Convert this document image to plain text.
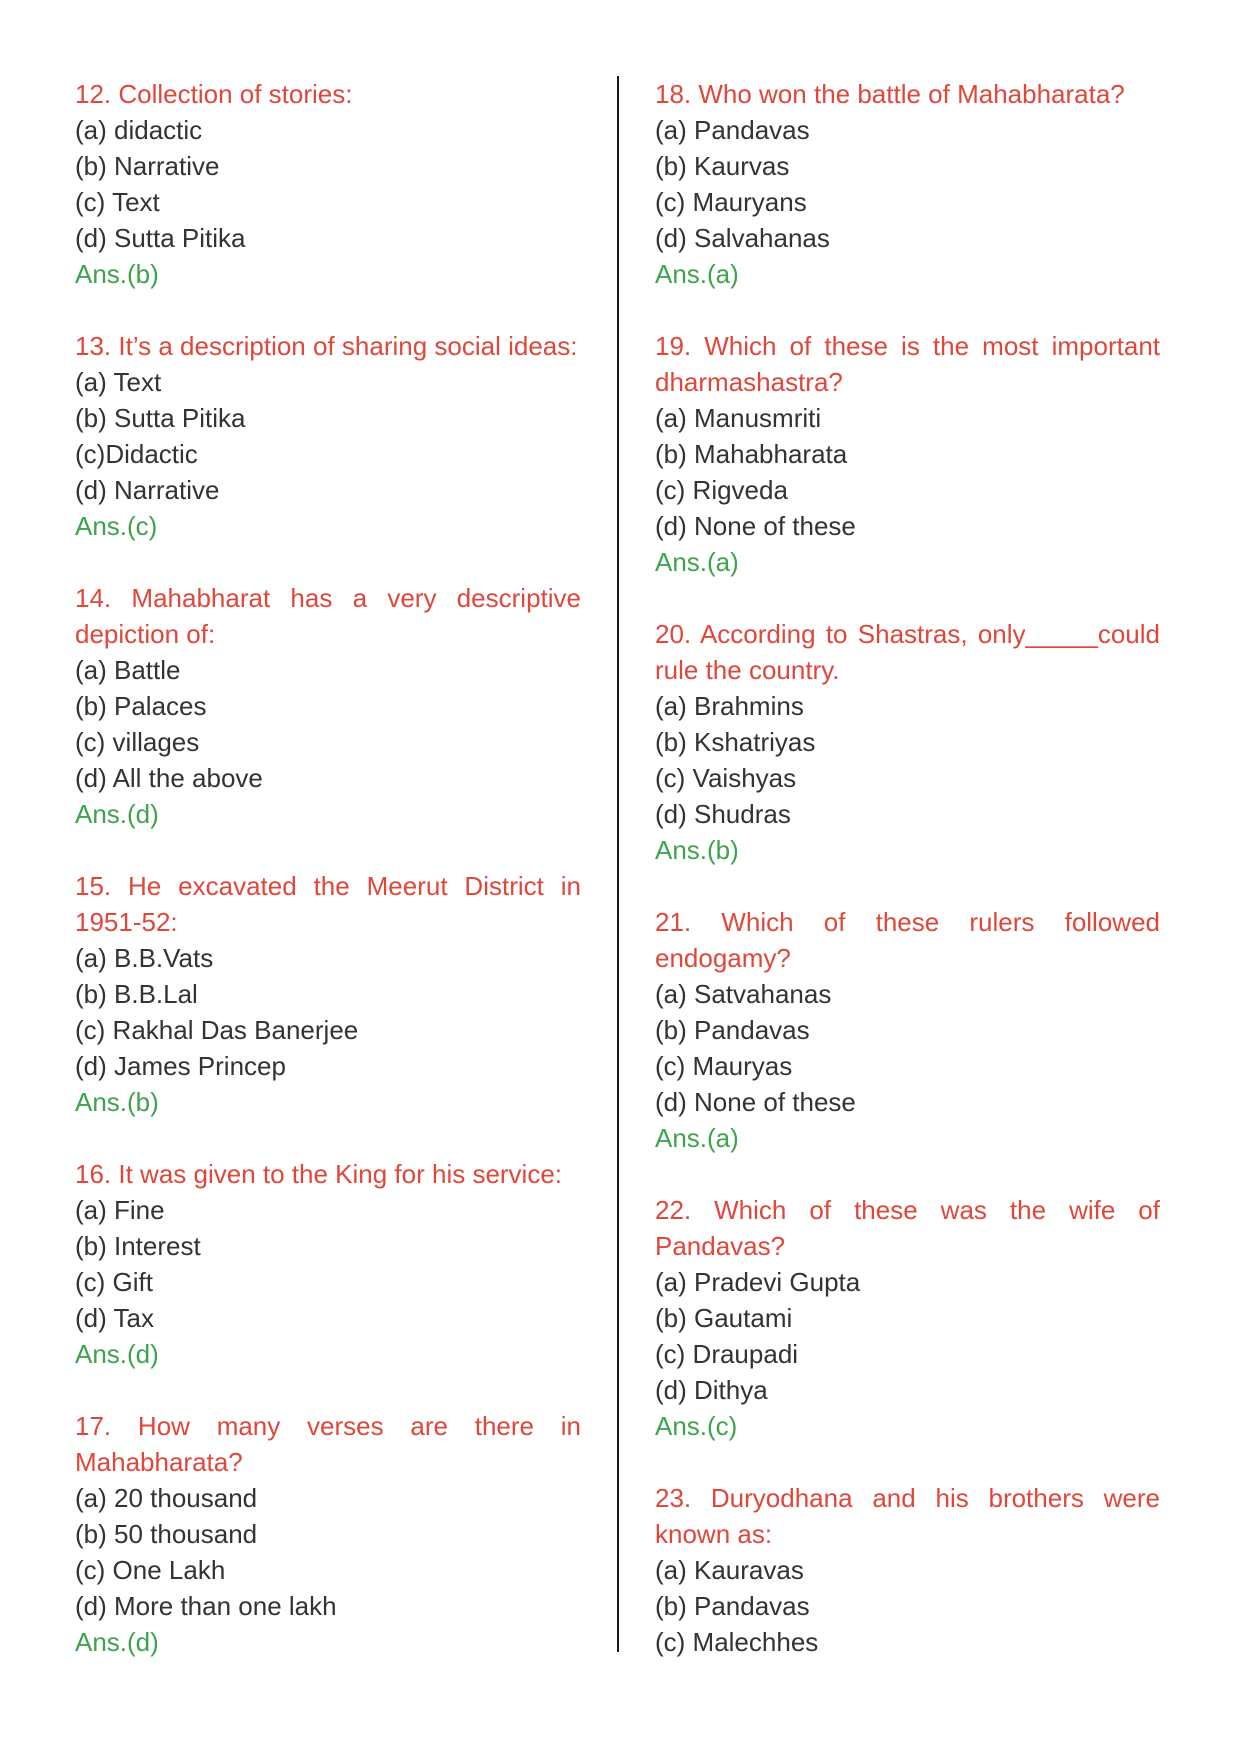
12. Collection of stories:
(a) didactic
(b) Narrative
(c) Text
(d) Sutta Pitika
Ans.(b)
13. It’s a description of sharing social ideas:
(a) Text
(b) Sutta Pitika
(c)Didactic
(d) Narrative
Ans.(c)
14. Mahabharat has a very descriptive depiction of:
(a) Battle
(b) Palaces
(c) villages
(d) All the above
Ans.(d)
15. He excavated the Meerut District in 1951-52:
(a) B.B.Vats
(b) B.B.Lal
(c) Rakhal Das Banerjee
(d) James Princep
Ans.(b)
16. It was given to the King for his service:
(a) Fine
(b) Interest
(c) Gift
(d) Tax
Ans.(d)
17. How many verses are there in Mahabharata?
(a) 20 thousand
(b) 50 thousand
(c) One Lakh
(d) More than one lakh
Ans.(d)
18. Who won the battle of Mahabharata?
(a) Pandavas
(b) Kaurvas
(c) Mauryans
(d) Salvahanas
Ans.(a)
19. Which of these is the most important dharmashastra?
(a) Manusmriti
(b) Mahabharata
(c) Rigveda
(d) None of these
Ans.(a)
20. According to Shastras, only_____could rule the country.
(a) Brahmins
(b) Kshatriyas
(c) Vaishyas
(d) Shudras
Ans.(b)
21. Which of these rulers followed endogamy?
(a) Satvahanas
(b) Pandavas
(c) Mauryas
(d) None of these
Ans.(a)
22. Which of these was the wife of Pandavas?
(a) Pradevi Gupta
(b) Gautami
(c) Draupadi
(d) Dithya
Ans.(c)
23. Duryodhana and his brothers were known as:
(a) Kauravas
(b) Pandavas
(c) Malechhes
